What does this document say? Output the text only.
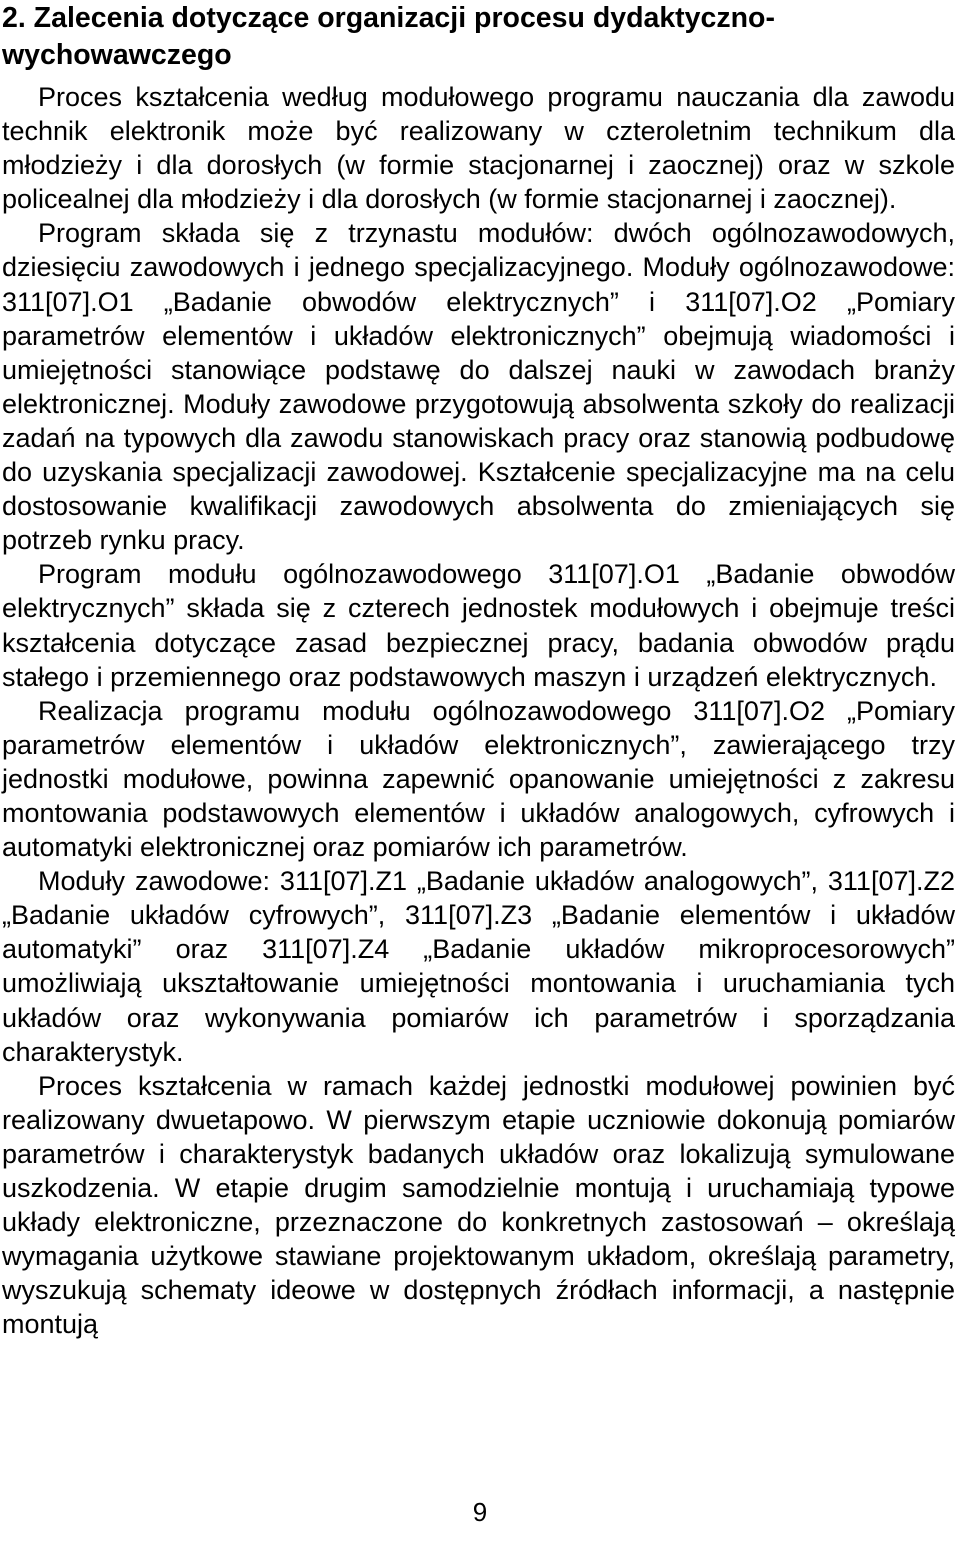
2. Zalecenia dotyczące organizacji procesu dydaktyczno-wychowawczego

Proces kształcenia według modułowego programu nauczania dla zawodu technik elektronik może być realizowany w czteroletnim technikum dla młodzieży i dla dorosłych (w formie stacjonarnej i zaocznej) oraz w szkole policealnej dla młodzieży i dla dorosłych (w formie stacjonarnej i zaocznej).

Program składa się z trzynastu modułów: dwóch ogólnozawodowych, dziesięciu zawodowych i jednego specjalizacyjnego. Moduły ogólnozawodowe: 311[07].O1 „Badanie obwodów elektrycznych” i 311[07].O2 „Pomiary parametrów elementów i układów elektronicznych” obejmują wiadomości i umiejętności stanowiące podstawę do dalszej nauki w zawodach branży elektronicznej. Moduły zawodowe przygotowują absolwenta szkoły do realizacji zadań na typowych dla zawodu stanowiskach pracy oraz stanowią podbudowę do uzyskania specjalizacji zawodowej. Kształcenie specjalizacyjne ma na celu dostosowanie kwalifikacji zawodowych absolwenta do zmieniających się potrzeb rynku pracy.

Program modułu ogólnozawodowego 311[07].O1 „Badanie obwodów elektrycznych” składa się z czterech jednostek modułowych i obejmuje treści kształcenia dotyczące zasad bezpiecznej pracy, badania obwodów prądu stałego i przemiennego oraz podstawowych maszyn i urządzeń elektrycznych.

Realizacja programu modułu ogólnozawodowego 311[07].O2 „Pomiary parametrów elementów i układów elektronicznych”, zawierającego trzy jednostki modułowe, powinna zapewnić opanowanie umiejętności z zakresu montowania podstawowych elementów i układów analogowych, cyfrowych i automatyki elektronicznej oraz pomiarów ich parametrów.

Moduły zawodowe: 311[07].Z1 „Badanie układów analogowych”, 311[07].Z2 „Badanie układów cyfrowych”, 311[07].Z3 „Badanie elementów i układów automatyki” oraz 311[07].Z4 „Badanie układów mikroprocesorowych” umożliwiają ukształtowanie umiejętności montowania i uruchamiania tych układów oraz wykonywania pomiarów ich parametrów i sporządzania charakterystyk.

Proces kształcenia w ramach każdej jednostki modułowej powinien być realizowany dwuetapowo. W pierwszym etapie uczniowie dokonują pomiarów parametrów i charakterystyk badanych układów oraz lokalizują symulowane uszkodzenia. W etapie drugim samodzielnie montują i uruchamiają typowe układy elektroniczne, przeznaczone do konkretnych zastosowań – określają wymagania użytkowe stawiane projektowanym układom, określają parametry, wyszukują schematy ideowe w dostępnych źródłach informacji, a następnie montują

9
